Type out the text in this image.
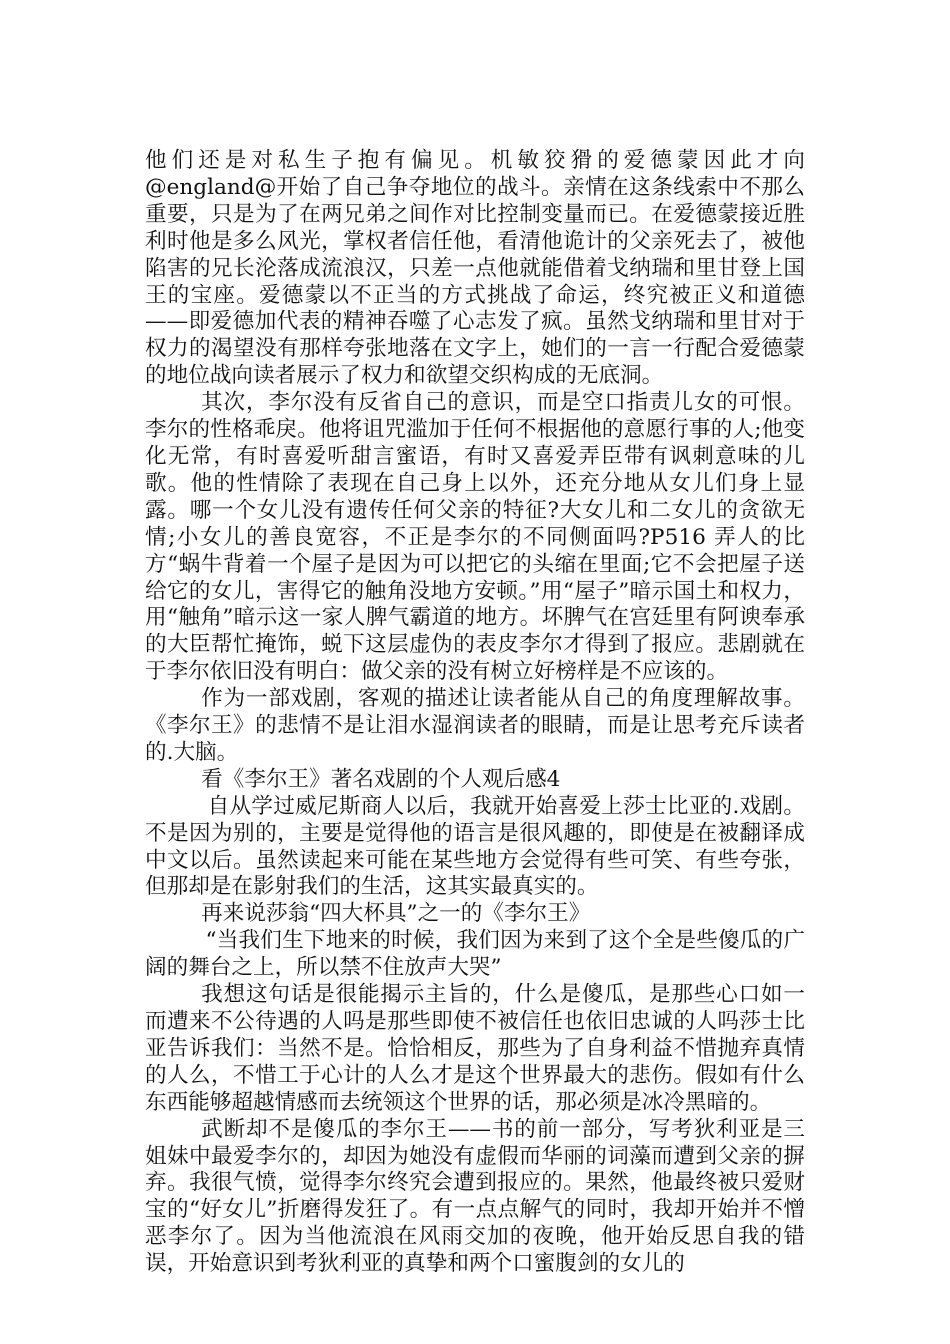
他们还是对私生子抱有偏见。机敏狡猾的爱德蒙因此才向@england@开始了自己争夺地位的战斗。亲情在这条线索中不那么重要，只是为了在两兄弟之间作对比控制变量而已。在爱德蒙接近胜利时他是多么风光，掌权者信任他，看清他诡计的父亲死去了，被他陷害的兄长沦落成流浪汉，只差一点他就能借着戈纳瑞和里甘登上国王的宝座。爱德蒙以不正当的方式挑战了命运，终究被正义和道德——即爱德加代表的精神吞噬了心志发了疯。虽然戈纳瑞和里甘对于权力的渴望没有那样夸张地落在文字上，她们的一言一行配合爱德蒙的地位战向读者展示了权力和欲望交织构成的无底洞。

其次，李尔没有反省自己的意识，而是空口指责儿女的可恨。李尔的性格乖戾。他将诅咒滥加于任何不根据他的意愿行事的人;他变化无常，有时喜爱听甜言蜜语，有时又喜爱弄臣带有讽刺意味的儿歌。他的性情除了表现在自己身上以外，还充分地从女儿们身上显露。哪一个女儿没有遗传任何父亲的特征?大女儿和二女儿的贪欲无情;小女儿的善良宽容，不正是李尔的不同侧面吗?P516 弄人的比方“蜗牛背着一个屋子是因为可以把它的头缩在里面;它不会把屋子送给它的女儿，害得它的触角没地方安顿。”用“屋子”暗示国土和权力，用“触角”暗示这一家人脾气霸道的地方。坏脾气在宫廷里有阿谀奉承的大臣帮忙掩饰，蜕下这层虚伪的表皮李尔才得到了报应。悲剧就在于李尔依旧没有明白：做父亲的没有树立好榜样是不应该的。

作为一部戏剧，客观的描述让读者能从自己的角度理解故事。《李尔王》的悲情不是让泪水湿润读者的眼睛，而是让思考充斥读者的.大脑。

看《李尔王》著名戏剧的个人观后感4

自从学过威尼斯商人以后，我就开始喜爱上莎士比亚的.戏剧。不是因为别的，主要是觉得他的语言是很风趣的，即使是在被翻译成中文以后。虽然读起来可能在某些地方会觉得有些可笑、有些夸张，但那却是在影射我们的生活，这其实最真实的。

再来说莎翁“四大杯具”之一的《李尔王》

“当我们生下地来的时候，我们因为来到了这个全是些傻瓜的广阔的舞台之上，所以禁不住放声大哭”

我想这句话是很能揭示主旨的，什么是傻瓜，是那些心口如一而遭来不公待遇的人吗是那些即使不被信任也依旧忠诚的人吗莎士比亚告诉我们：当然不是。恰恰相反，那些为了自身利益不惜抛弃真情的人么，不惜工于心计的人么才是这个世界最大的悲伤。假如有什么东西能够超越情感而去统领这个世界的话，那必须是冰冷黑暗的。

武断却不是傻瓜的李尔王——书的前一部分，写考狄利亚是三姐妹中最爱李尔的，却因为她没有虚假而华丽的词藻而遭到父亲的摒弃。我很气愤，觉得李尔终究会遭到报应的。果然，他最终被只爱财宝的“好女儿”折磨得发狂了。有一点点解气的同时，我却开始并不憎恶李尔了。因为当他流浪在风雨交加的夜晚，他开始反思自我的错误，开始意识到考狄利亚的真挚和两个口蜜腹剑的女儿的
